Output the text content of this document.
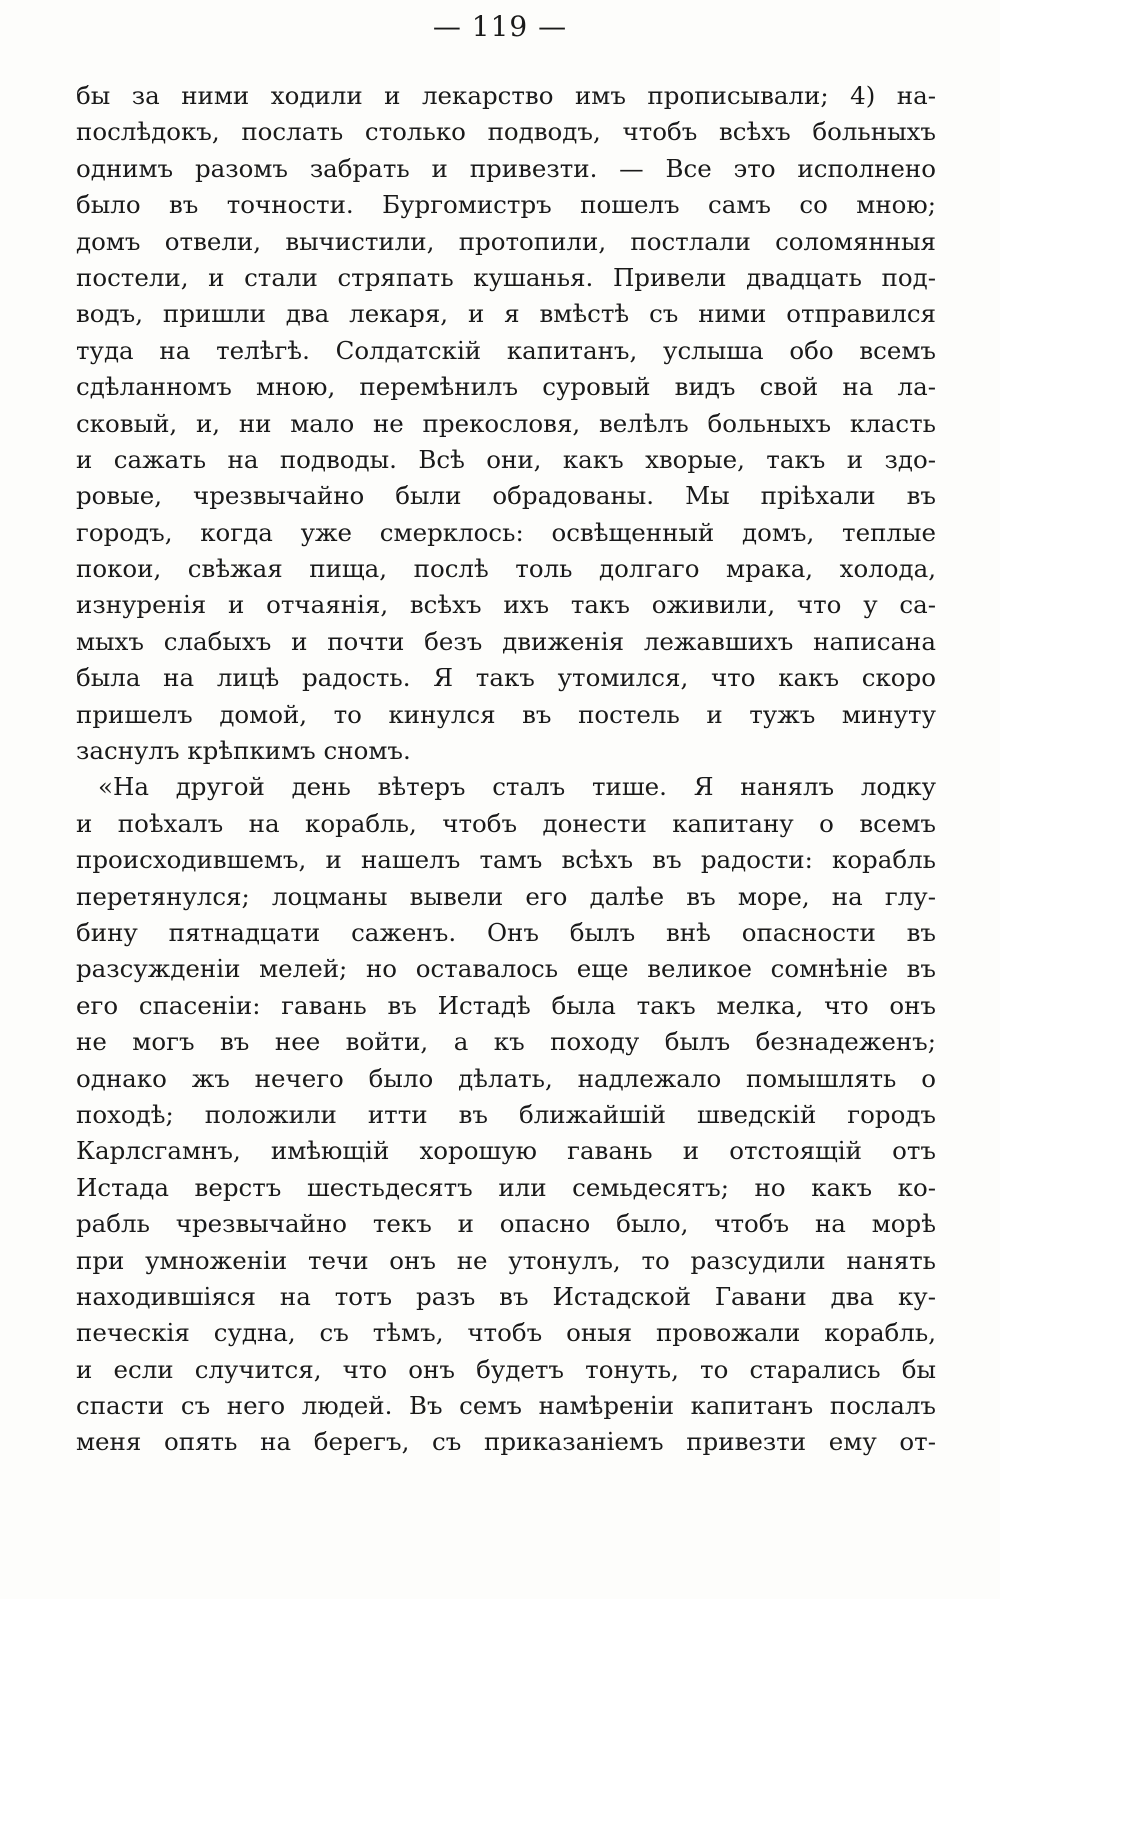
— 119 —
бы за ними ходили и лекарство имъ прописывали; 4) на-
послѣдокъ, послать столько подводъ, чтобъ всѣхъ больныхъ
однимъ разомъ забрать и привезти. — Все это исполнено
было въ точности. Бургомистръ пошелъ самъ со мною;
домъ отвели, вычистили, протопили, постлали соломянныя
постели, и стали стряпать кушанья. Привели двадцать под-
водъ, пришли два лекаря, и я вмѣстѣ съ ними отправился
туда на телѣгѣ. Солдатскій капитанъ, услыша обо всемъ
сдѣланномъ мною, перемѣнилъ суровый видъ свой на ла-
сковый, и, ни мало не прекословя, велѣлъ больныхъ класть
и сажать на подводы. Всѣ они, какъ хворые, такъ и здо-
ровые, чрезвычайно были обрадованы. Мы пріѣхали въ
городъ, когда уже смерклось: освѣщенный домъ, теплые
покои, свѣжая пища, послѣ толь долгаго мрака, холода,
изнуренія и отчаянія, всѣхъ ихъ такъ оживили, что у са-
мыхъ слабыхъ и почти безъ движенія лежавшихъ написана
была на лицѣ радость. Я такъ утомился, что какъ скоро
пришелъ домой, то кинулся въ постель и тужъ минуту
заснулъ крѣпкимъ сномъ.
«На другой день вѣтеръ сталъ тише. Я нанялъ лодку
и поѣхалъ на корабль, чтобъ донести капитану о всемъ
происходившемъ, и нашелъ тамъ всѣхъ въ радости: корабль
перетянулся; лоцманы вывели его далѣе въ море, на глу-
бину пятнадцати саженъ. Онъ былъ внѣ опасности въ
разсужденіи мелей; но оставалось еще великое сомнѣніе въ
его спасеніи: гавань въ Истадѣ была такъ мелка, что онъ
не могъ въ нее войти, а къ походу былъ безнадеженъ;
однако жъ нечего было дѣлать, надлежало помышлять о
походѣ; положили итти въ ближайшій шведскій городъ
Карлсгамнъ, имѣющій хорошую гавань и отстоящій отъ
Истада верстъ шестьдесятъ или семьдесятъ; но какъ ко-
рабль чрезвычайно текъ и опасно было, чтобъ на морѣ
при умноженіи течи онъ не утонулъ, то разсудили нанять
находившіяся на тотъ разъ въ Истадской Гавани два ку-
печескія судна, съ тѣмъ, чтобъ оныя провожали корабль,
и если случится, что онъ будетъ тонуть, то старались бы
спасти съ него людей. Въ семъ намѣреніи капитанъ послалъ
меня опять на берегъ, съ приказаніемъ привезти ему от-
